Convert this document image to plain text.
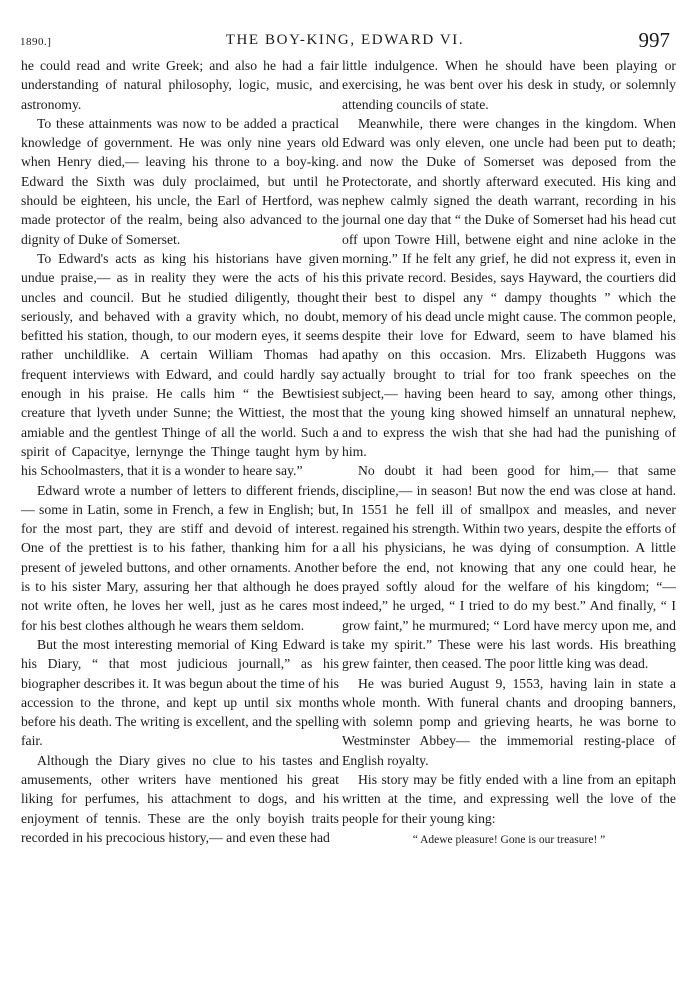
1890.]	THE BOY-KING, EDWARD VI.	997

he could read and write Greek; and also he had a fair understanding of natural philosophy, logic, music, and astronomy.

To these attainments was now to be added a practical knowledge of government. He was only nine years old when Henry died,— leaving his throne to a boy-king. Edward the Sixth was duly proclaimed, but until he should be eighteen, his uncle, the Earl of Hertford, was made protector of the realm, being also advanced to the dignity of Duke of Somerset.

To Edward's acts as king his historians have given undue praise,— as in reality they were the acts of his uncles and council. But he studied diligently, thought seriously, and behaved with a gravity which, no doubt, befitted his station, though, to our modern eyes, it seems rather unchildlike. A certain William Thomas had frequent interviews with Edward, and could hardly say enough in his praise. He calls him “ the Bewtisiest creature that lyveth under Sunne; the Wittiest, the most amiable and the gentlest Thinge of all the world. Such a spirit of Capacitye, lernynge the Thinge taught hym by his Schoolmasters, that it is a wonder to heare say.”

Edward wrote a number of letters to different friends,— some in Latin, some in French, a few in English; but, for the most part, they are stiff and devoid of interest. One of the prettiest is to his father, thanking him for a present of jeweled buttons, and other ornaments. Another is to his sister Mary, assuring her that although he does not write often, he loves her well, just as he cares most for his best clothes although he wears them seldom.

But the most interesting memorial of King Edward is his Diary, “ that most judicious journall,” as his biographer describes it. It was begun about the time of his accession to the throne, and kept up until six months before his death. The writing is excellent, and the spelling fair.

Although the Diary gives no clue to his tastes and amusements, other writers have mentioned his great liking for perfumes, his attachment to dogs, and his enjoyment of tennis. These are the only boyish traits recorded in his precocious history,— and even these had

little indulgence. When he should have been playing or exercising, he was bent over his desk in study, or solemnly attending councils of state.

Meanwhile, there were changes in the kingdom. When Edward was only eleven, one uncle had been put to death; and now the Duke of Somerset was deposed from the Protectorate, and shortly afterward executed. His king and nephew calmly signed the death warrant, recording in his journal one day that “ the Duke of Somerset had his head cut off upon Towre Hill, betwene eight and nine acloke in the morning.” If he felt any grief, he did not express it, even in this private record. Besides, says Hayward, the courtiers did their best to dispel any “ dampy thoughts ” which the memory of his dead uncle might cause. The common people, despite their love for Edward, seem to have blamed his apathy on this occasion. Mrs. Elizabeth Huggons was actually brought to trial for too frank speeches on the subject,— having been heard to say, among other things, that the young king showed himself an unnatural nephew, and to express the wish that she had had the punishing of him.

No doubt it had been good for him,— that same discipline,— in season! But now the end was close at hand. In 1551 he fell ill of smallpox and measles, and never regained his strength. Within two years, despite the efforts of all his physicians, he was dying of consumption. A little before the end, not knowing that any one could hear, he prayed softly aloud for the welfare of his kingdom; “— indeed,” he urged, “ I tried to do my best.” And finally, “ I grow faint,” he murmured; “ Lord have mercy upon me, and take my spirit.” These were his last words. His breathing grew fainter, then ceased. The poor little king was dead.

He was buried August 9, 1553, having lain in state a whole month. With funeral chants and drooping banners, with solemn pomp and grieving hearts, he was borne to Westminster Abbey— the immemorial resting-place of English royalty.

His story may be fitly ended with a line from an epitaph written at the time, and expressing well the love of the people for their young king:

“ Adewe pleasure! Gone is our treasure! ”
